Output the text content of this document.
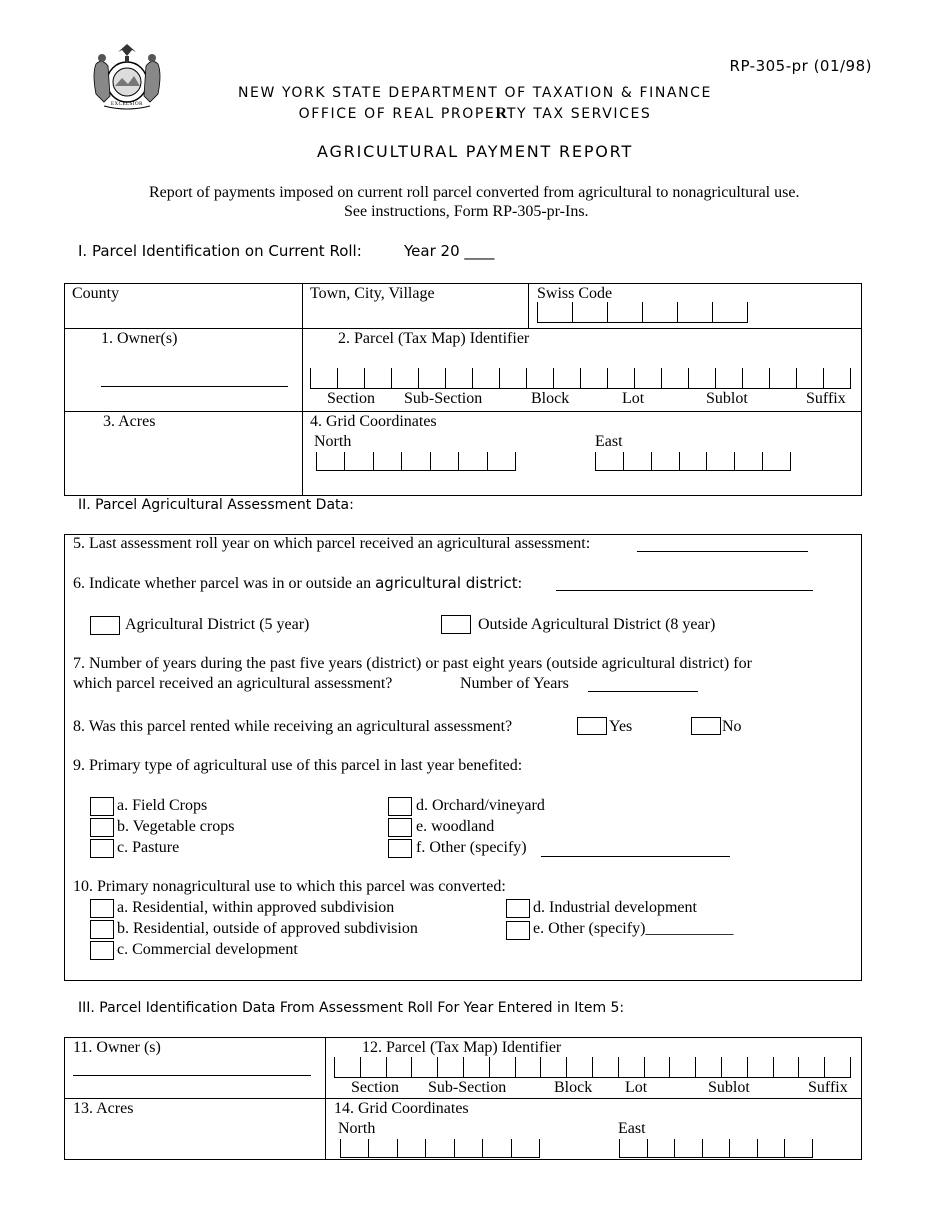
EXCELSIOR
RP-305-pr (01/98)
NEW YORK STATE DEPARTMENT OF TAXATION & FINANCE
OFFICE OF REAL PROPERTY TAX SERVICES
AGRICULTURAL PAYMENT REPORT
Report of payments imposed on current roll parcel converted from agricultural to nonagricultural use.
See instructions, Form RP-305-pr-Ins.
I. Parcel Identification on Current Roll:	Year 20 ____
County	Town, City, Village	Swiss Code
1. Owner(s)	2. Parcel (Tax Map) Identifier
Section Sub-Section	Block	Lot	Sublot	Suffix
3. Acres	4. Grid Coordinates
North	East
II. Parcel Agricultural Assessment Data:
5. Last assessment roll year on which parcel received an agricultural assessment:
6. Indicate whether parcel was in or outside an agricultural district:
Agricultural District (5 year)	Outside Agricultural District (8 year)
7. Number of years during the past five years (district) or past eight years (outside agricultural district) for
which parcel received an agricultural assessment?	Number of Years
8. Was this parcel rented while receiving an agricultural assessment?	Yes	No
9. Primary type of agricultural use of this parcel in last year benefited:
a. Field Crops
b. Vegetable crops
c. Pasture
d. Orchard/vineyard
e. woodland
f. Other (specify)
10. Primary nonagricultural use to which this parcel was converted:
a. Residential, within approved subdivision
b. Residential, outside of approved subdivision
c. Commercial development
d. Industrial development
e. Other (specify)___________
III. Parcel Identification Data From Assessment Roll For Year Entered in Item 5:
11. Owner (s)	12. Parcel (Tax Map) Identifier
Section Sub-Section	Block Lot	Sublot	Suffix
13. Acres	14. Grid Coordinates
North	East
